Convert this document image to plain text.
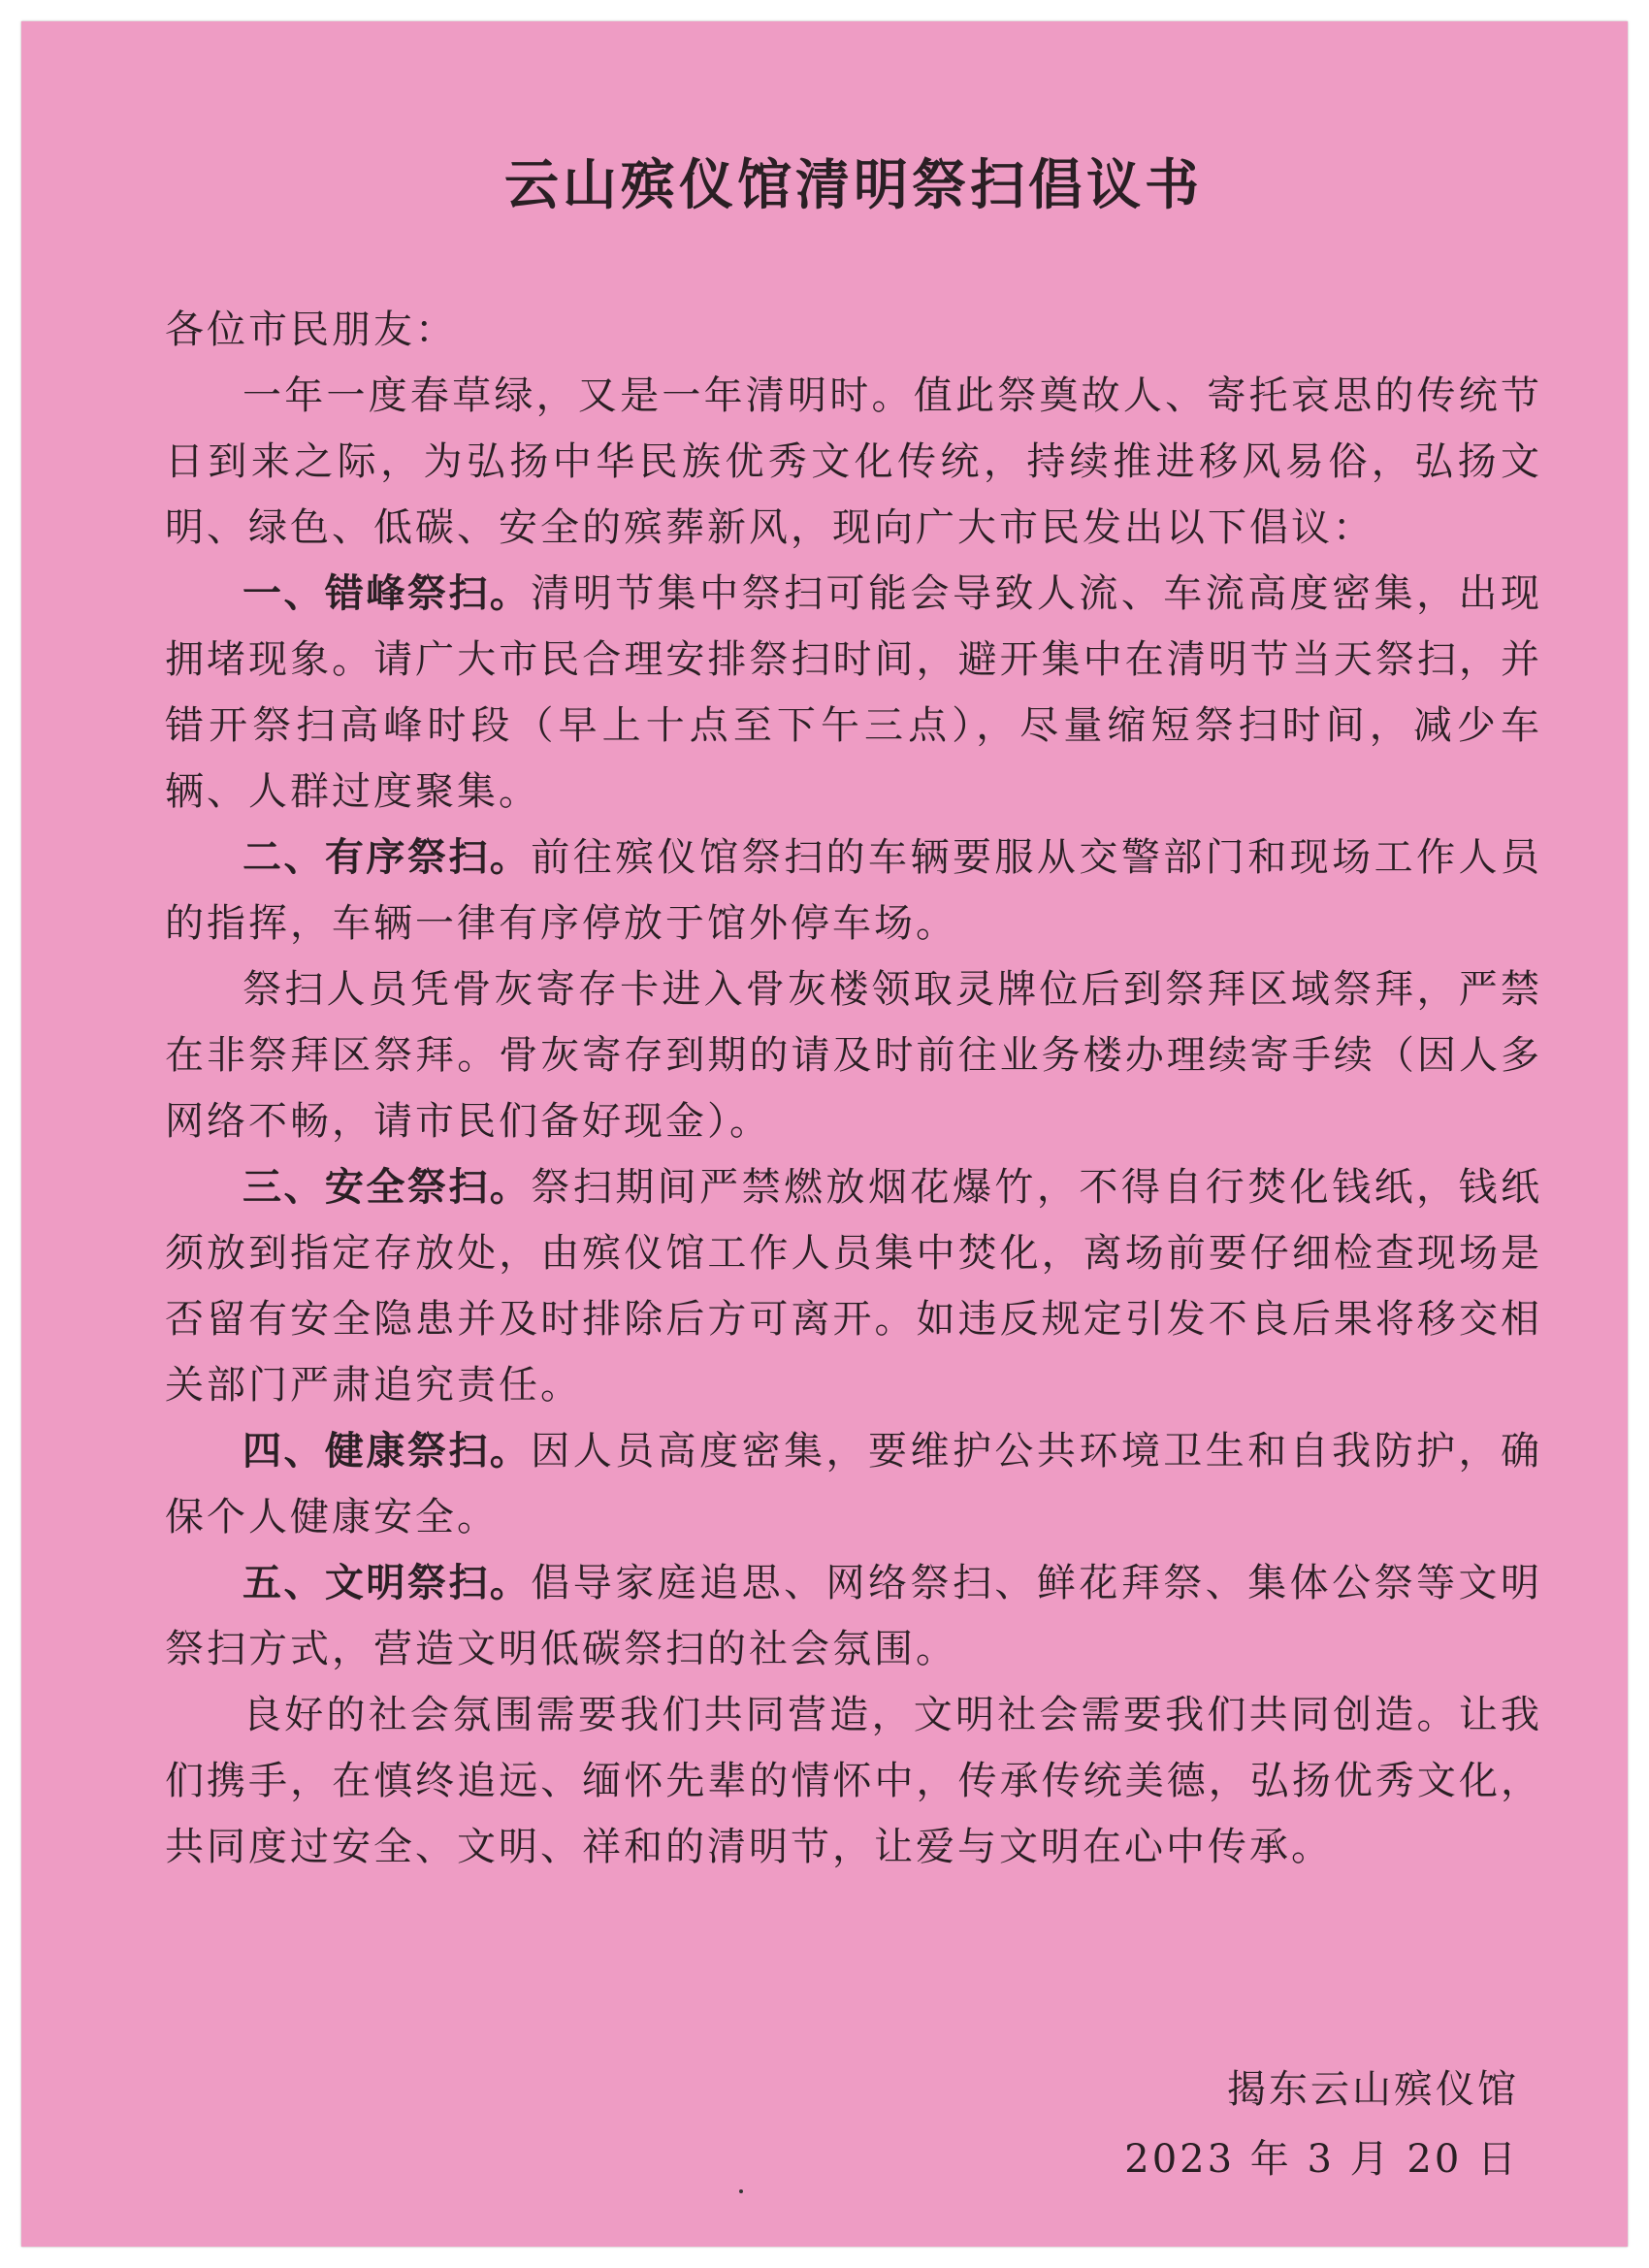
云山殡仪馆清明祭扫倡议书

各位市民朋友：

一年一度春草绿，又是一年清明时。值此祭奠故人、寄托哀思的传统节日到来之际，为弘扬中华民族优秀文化传统，持续推进移风易俗，弘扬文明、绿色、低碳、安全的殡葬新风，现向广大市民发出以下倡议：

一、错峰祭扫。清明节集中祭扫可能会导致人流、车流高度密集，出现拥堵现象。请广大市民合理安排祭扫时间，避开集中在清明节当天祭扫，并错开祭扫高峰时段（早上十点至下午三点），尽量缩短祭扫时间，减少车辆、人群过度聚集。

二、有序祭扫。前往殡仪馆祭扫的车辆要服从交警部门和现场工作人员的指挥，车辆一律有序停放于馆外停车场。

祭扫人员凭骨灰寄存卡进入骨灰楼领取灵牌位后到祭拜区域祭拜，严禁在非祭拜区祭拜。骨灰寄存到期的请及时前往业务楼办理续寄手续（因人多网络不畅，请市民们备好现金）。

三、安全祭扫。祭扫期间严禁燃放烟花爆竹，不得自行焚化钱纸，钱纸须放到指定存放处，由殡仪馆工作人员集中焚化，离场前要仔细检查现场是否留有安全隐患并及时排除后方可离开。如违反规定引发不良后果将移交相关部门严肃追究责任。

四、健康祭扫。因人员高度密集，要维护公共环境卫生和自我防护，确保个人健康安全。

五、文明祭扫。倡导家庭追思、网络祭扫、鲜花拜祭、集体公祭等文明祭扫方式，营造文明低碳祭扫的社会氛围。

良好的社会氛围需要我们共同营造，文明社会需要我们共同创造。让我们携手，在慎终追远、缅怀先辈的情怀中，传承传统美德，弘扬优秀文化，共同度过安全、文明、祥和的清明节，让爱与文明在心中传承。

揭东云山殡仪馆
2023 年 3 月 20 日
